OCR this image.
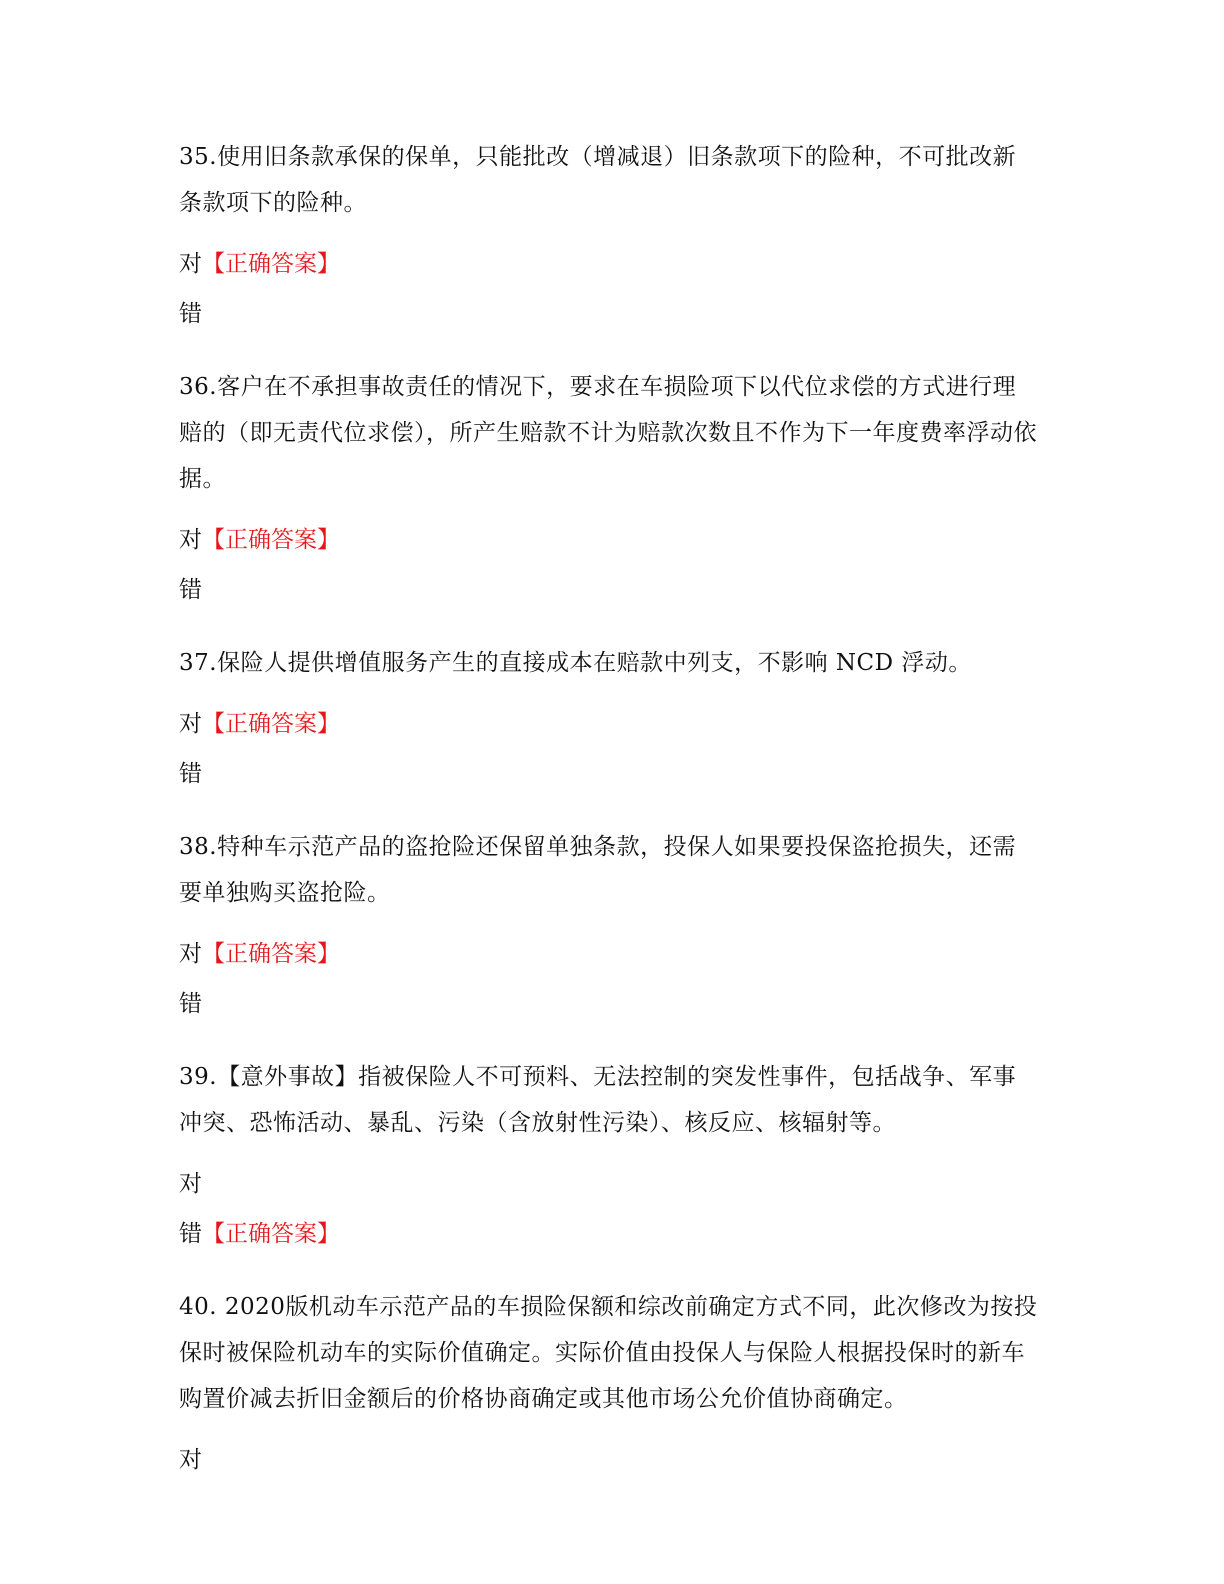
35.使用旧条款承保的保单，只能批改（增减退）旧条款项下的险种，不可批改新条款项下的险种。

对【正确答案】

错

36.客户在不承担事故责任的情况下，要求在车损险项下以代位求偿的方式进行理赔的（即无责代位求偿），所产生赔款不计为赔款次数且不作为下一年度费率浮动依据。

对【正确答案】

错

37.保险人提供增值服务产生的直接成本在赔款中列支，不影响 NCD 浮动。

对【正确答案】

错

38.特种车示范产品的盗抢险还保留单独条款，投保人如果要投保盗抢损失，还需要单独购买盗抢险。

对【正确答案】

错

39.【意外事故】指被保险人不可预料、无法控制的突发性事件，包括战争、军事冲突、恐怖活动、暴乱、污染（含放射性污染）、核反应、核辐射等。

对

错【正确答案】

40. 2020版机动车示范产品的车损险保额和综改前确定方式不同，此次修改为按投保时被保险机动车的实际价值确定。实际价值由投保人与保险人根据投保时的新车购置价减去折旧金额后的价格协商确定或其他市场公允价值协商确定。

对
